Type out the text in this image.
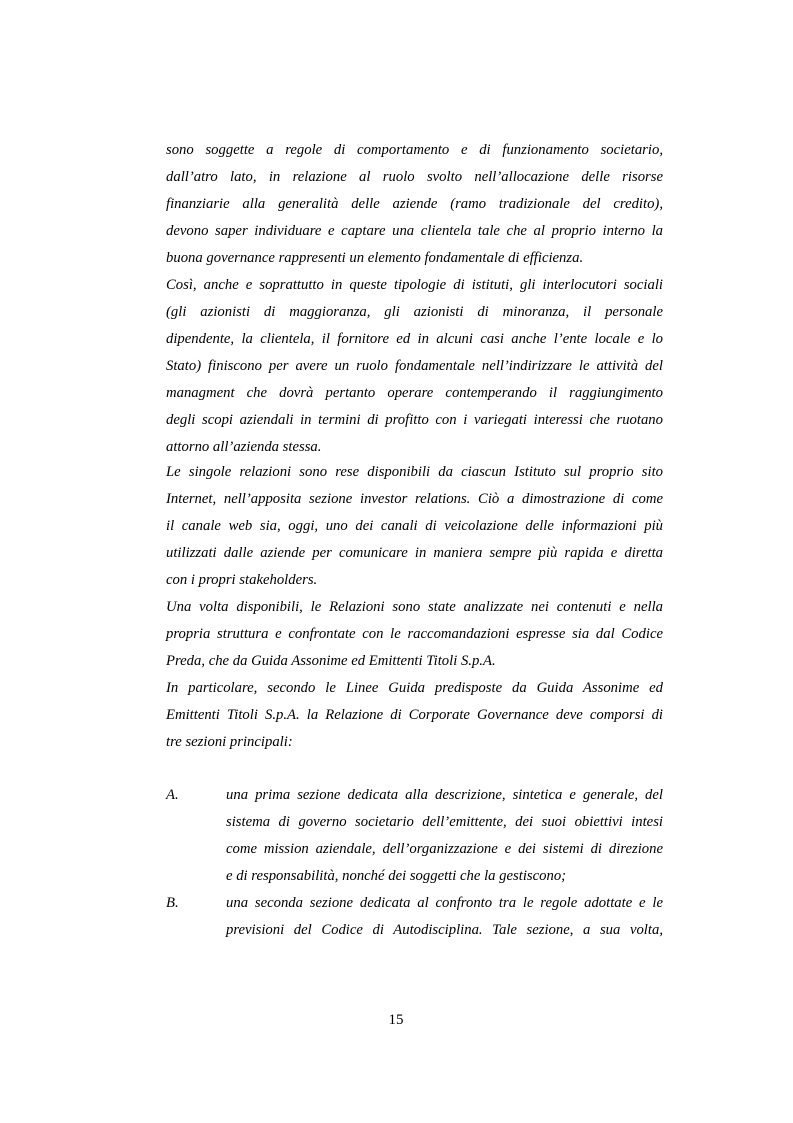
sono soggette a regole di comportamento e di funzionamento societario,
dall’atro lato, in relazione al ruolo svolto nell’allocazione delle risorse
finanziarie alla generalità delle aziende (ramo tradizionale del credito),
devono saper individuare e captare una clientela tale che al proprio interno la
buona governance rappresenti un elemento fondamentale di efficienza.
Così, anche e soprattutto in queste tipologie di istituti, gli interlocutori sociali
(gli azionisti di maggioranza, gli azionisti di minoranza, il personale
dipendente, la clientela, il fornitore ed in alcuni casi anche l’ente locale e lo
Stato) finiscono per avere un ruolo fondamentale nell’indirizzare le attività del
managment che dovrà pertanto operare contemperando il raggiungimento
degli scopi aziendali in termini di profitto con i variegati interessi che ruotano
attorno all’azienda stessa.
Le singole relazioni sono rese disponibili da ciascun Istituto sul proprio sito
Internet, nell’apposita sezione investor relations. Ciò a dimostrazione di come
il canale web sia, oggi, uno dei canali di veicolazione delle informazioni più
utilizzati dalle aziende per comunicare in maniera sempre più rapida e diretta
con i propri stakeholders.
Una volta disponibili, le Relazioni sono state analizzate nei contenuti e nella
propria struttura e confrontate con le raccomandazioni espresse sia dal Codice
Preda, che da Guida Assonime ed Emittenti Titoli S.p.A.
In particolare, secondo le Linee Guida predisposte da Guida Assonime ed
Emittenti Titoli S.p.A. la Relazione di Corporate Governance deve comporsi di
tre sezioni principali:
A.	una prima sezione dedicata alla descrizione, sintetica e generale, del
sistema di governo societario dell’emittente, dei suoi obiettivi intesi
come mission aziendale, dell’organizzazione e dei sistemi di direzione
e di responsabilità, nonché dei soggetti che la gestiscono;
B.	una seconda sezione dedicata al confronto tra le regole adottate e le
previsioni del Codice di Autodisciplina. Tale sezione, a sua volta,
15
